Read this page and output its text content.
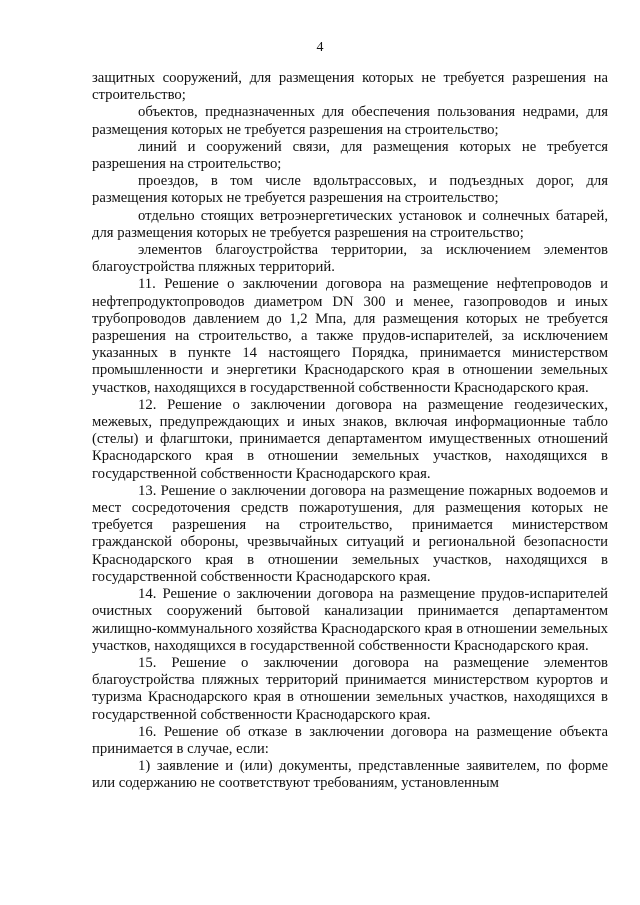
4

защитных сооружений, для размещения которых не требуется разрешения на строительство;

объектов, предназначенных для обеспечения пользования недрами, для размещения которых не требуется разрешения на строительство;

линий и сооружений связи, для размещения которых не требуется разрешения на строительство;

проездов, в том числе вдольтрассовых, и подъездных дорог, для размещения которых не требуется разрешения на строительство;

отдельно стоящих ветроэнергетических установок и солнечных батарей, для размещения которых не требуется разрешения на строительство;

элементов благоустройства территории, за исключением элементов благоустройства пляжных территорий.

11. Решение о заключении договора на размещение нефтепроводов и нефтепродуктопроводов диаметром DN 300 и менее, газопроводов и иных трубопроводов давлением до 1,2 Мпа, для размещения которых не требуется разрешения на строительство, а также прудов-испарителей, за исключением указанных в пункте 14 настоящего Порядка, принимается министерством промышленности и энергетики Краснодарского края в отношении земельных участков, находящихся в государственной собственности Краснодарского края.

12. Решение о заключении договора на размещение геодезических, межевых, предупреждающих и иных знаков, включая информационные табло (стелы) и флагштоки, принимается департаментом имущественных отношений Краснодарского края в отношении земельных участков, находящихся в государственной собственности Краснодарского края.

13. Решение о заключении договора на размещение пожарных водоемов и мест сосредоточения средств пожаротушения, для размещения которых не требуется разрешения на строительство, принимается министерством гражданской обороны, чрезвычайных ситуаций и региональной безопасности Краснодарского края в отношении земельных участков, находящихся в государственной собственности Краснодарского края.

14. Решение о заключении договора на размещение прудов-испарителей очистных сооружений бытовой канализации принимается департаментом жилищно-коммунального хозяйства Краснодарского края в отношении земельных участков, находящихся в государственной собственности Краснодарского края.

15. Решение о заключении договора на размещение элементов благоустройства пляжных территорий принимается министерством курортов и туризма Краснодарского края в отношении земельных участков, находящихся в государственной собственности Краснодарского края.

16. Решение об отказе в заключении договора на размещение объекта принимается в случае, если:

1) заявление и (или) документы, представленные заявителем, по форме или содержанию не соответствуют требованиям, установленным
